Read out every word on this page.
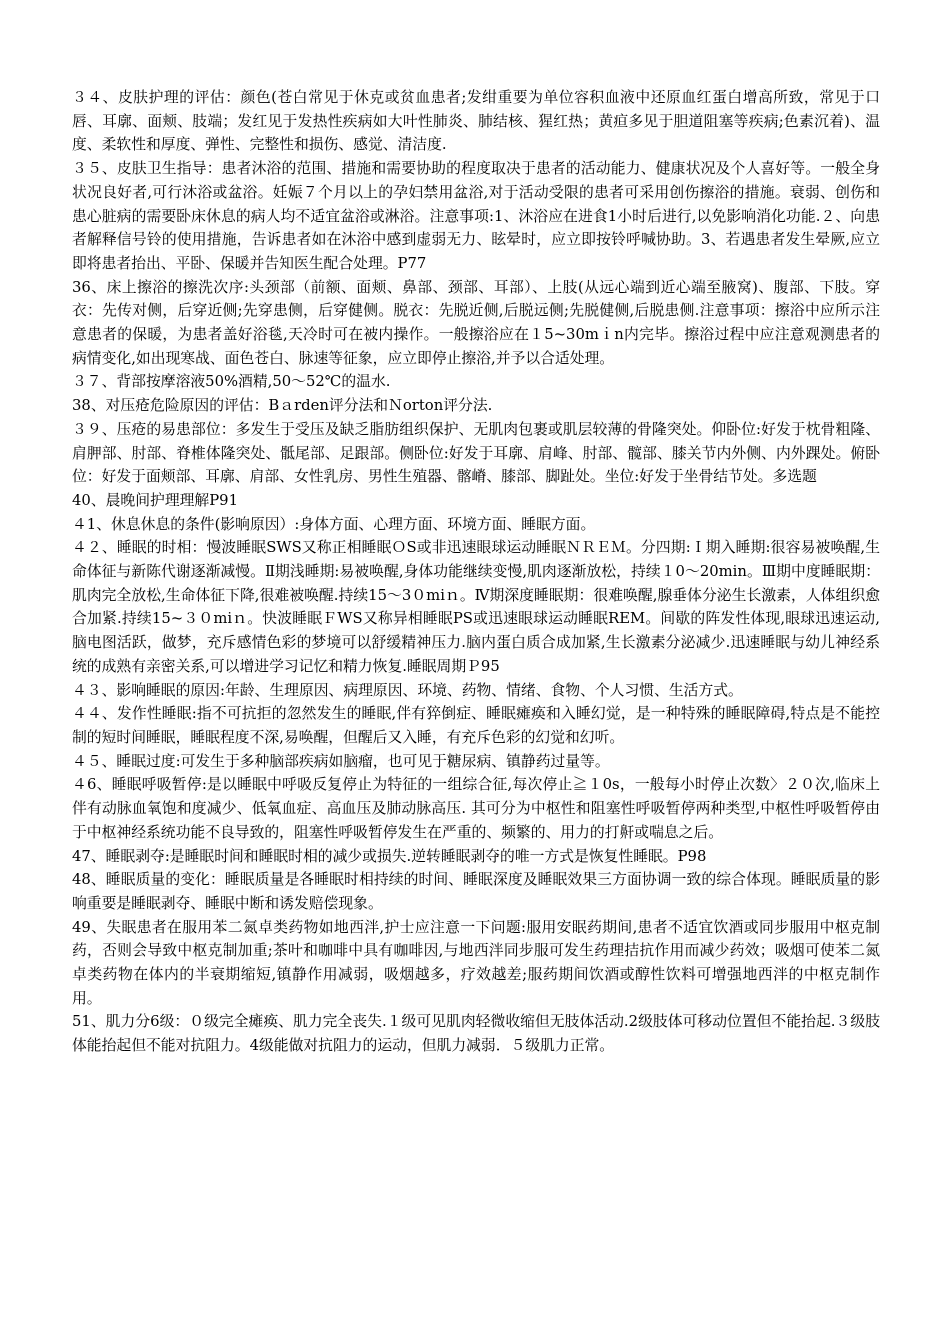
３４、皮肤护理的评估：颜色(苍白常见于休克或贫血患者;发绀重要为单位容积血液中还原血红蛋白增高所致，常见于口唇、耳廓、面颊、肢端；发红见于发热性疾病如大叶性肺炎、肺结核、猩红热；黄疸多见于胆道阻塞等疾病;色素沉着)、温度、柔软性和厚度、弹性、完整性和损伤、感觉、清洁度.

３５、皮肤卫生指导：患者沐浴的范围、措施和需要协助的程度取决于患者的活动能力、健康状况及个人喜好等。一般全身状况良好者,可行沐浴或盆浴。妊娠７个月以上的孕妇禁用盆浴,对于活动受限的患者可采用创伤擦浴的措施。衰弱、创伤和患心脏病的需要卧床休息的病人均不适宜盆浴或淋浴。注意事项:1、沐浴应在进食1小时后进行,以免影响消化功能.２、向患者解释信号铃的使用措施，告诉患者如在沐浴中感到虚弱无力、眩晕时，应立即按铃呼喊协助。3、若遇患者发生晕厥,应立即将患者抬出、平卧、保暖并告知医生配合处理。P77

36、床上擦浴的擦洗次序:头颈部（前额、面颊、鼻部、颈部、耳部）、上肢(从远心端到近心端至腋窝)、腹部、下肢。穿衣：先传对侧，后穿近侧;先穿患侧，后穿健侧。脱衣：先脱近侧,后脱远侧;先脱健侧,后脱患侧.注意事项：擦浴中应所示注意患者的保暖，为患者盖好浴毯,天冷时可在被内操作。一般擦浴应在１5~30mｉn内完毕。擦浴过程中应注意观测患者的病情变化,如出现寒战、面色苍白、脉速等征象，应立即停止擦浴,并予以合适处理。

３７、背部按摩溶液50%酒精,50～52℃的温水.

38、对压疮危险原因的评估：Bａrden评分法和Ｎorton评分法.

３９、压疮的易患部位：多发生于受压及缺乏脂肪组织保护、无肌肉包裹或肌层较薄的骨隆突处。仰卧位:好发于枕骨粗隆、肩胛部、肘部、脊椎体隆突处、骶尾部、足跟部。侧卧位:好发于耳廓、肩峰、肘部、髋部、膝关节内外侧、内外踝处。俯卧位：好发于面颊部、耳廓、肩部、女性乳房、男性生殖器、髂嵴、膝部、脚趾处。坐位:好发于坐骨结节处。多选题

40、晨晚间护理理解P91

４1、休息休息的条件(影响原因）:身体方面、心理方面、环境方面、睡眠方面。

４２、睡眠的时相：慢波睡眠SWS又称正相睡眠ＯS或非迅速眼球运动睡眠ＮＲＥＭ。分四期:Ｉ期入睡期:很容易被唤醒,生命体征与新陈代谢逐渐减慢。Ⅱ期浅睡期:易被唤醒,身体功能继续变慢,肌肉逐渐放松，持续１0～20min。Ⅲ期中度睡眠期：肌肉完全放松,生命体征下降,很难被唤醒.持续15～3０miｎ。Ⅳ期深度睡眠期：很难唤醒,腺垂体分泌生长激素，人体组织愈合加紧.持续15~３０miｎ。快波睡眠ＦWS又称异相睡眠PS或迅速眼球运动睡眠REM。间歇的阵发性体现,眼球迅速运动,脑电图活跃，做梦，充斥感情色彩的梦境可以舒缓精神压力.脑内蛋白质合成加紧,生长激素分泌减少.迅速睡眠与幼儿神经系统的成熟有亲密关系,可以增进学习记忆和精力恢复.睡眠周期Ｐ95

４３、影响睡眠的原因:年龄、生理原因、病理原因、环境、药物、情绪、食物、个人习惯、生活方式。

４４、发作性睡眠:指不可抗拒的忽然发生的睡眠,伴有猝倒症、睡眠瘫痪和入睡幻觉，是一种特殊的睡眠障碍,特点是不能控制的短时间睡眠，睡眠程度不深,易唤醒，但醒后又入睡，有充斥色彩的幻觉和幻听。

４５、睡眠过度:可发生于多种脑部疾病如脑瘤，也可见于糖尿病、镇静药过量等。

４6、睡眠呼吸暂停:是以睡眠中呼吸反复停止为特征的一组综合征,每次停止≧１0s，一般每小时停止次数〉２０次,临床上伴有动脉血氧饱和度减少、低氧血症、高血压及肺动脉高压. 其可分为中枢性和阻塞性呼吸暂停两种类型,中枢性呼吸暂停由于中枢神经系统功能不良导致的，阻塞性呼吸暂停发生在严重的、频繁的、用力的打鼾或喘息之后。

47、睡眠剥夺:是睡眠时间和睡眠时相的减少或损失.逆转睡眠剥夺的唯一方式是恢复性睡眠。P98

48、睡眠质量的变化：睡眠质量是各睡眠时相持续的时间、睡眠深度及睡眠效果三方面协调一致的综合体现。睡眠质量的影响重要是睡眠剥夺、睡眠中断和诱发赔偿现象。

49、失眠患者在服用苯二氮卓类药物如地西泮,护士应注意一下问题:服用安眠药期间,患者不适宜饮酒或同步服用中枢克制药，否则会导致中枢克制加重;茶叶和咖啡中具有咖啡因,与地西泮同步服可发生药理拮抗作用而减少药效；吸烟可使苯二氮卓类药物在体内的半衰期缩短,镇静作用减弱，吸烟越多，疗效越差;服药期间饮酒或醇性饮料可增强地西泮的中枢克制作用。

51、肌力分6级：０级完全瘫痪、肌力完全丧失.１级可见肌肉轻微收缩但无肢体活动.2级肢体可移动位置但不能抬起.３级肢体能抬起但不能对抗阻力。4级能做对抗阻力的运动，但肌力减弱．５级肌力正常。
